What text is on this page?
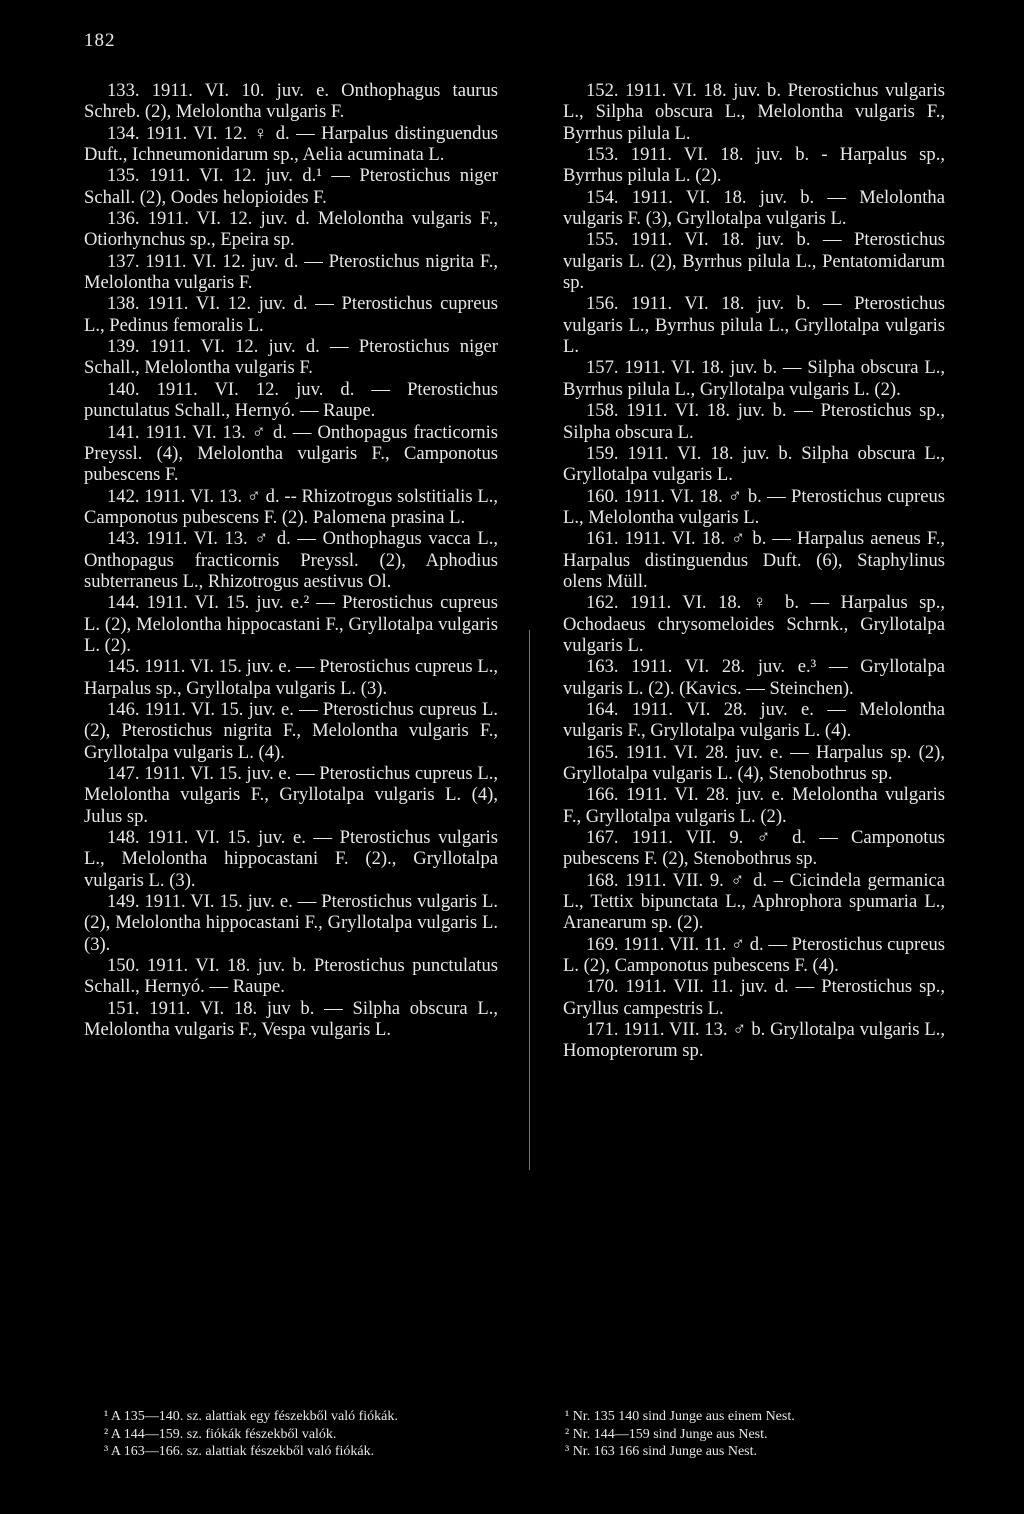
182

133. 1911. VI. 10. juv. e. Onthophagus taurus Schreb. (2), Melolontha vulgaris F.

134. 1911. VI. 12. ♀ d. — Harpalus distinguendus Duft., Ichneumonidarum sp., Aelia acuminata L.

135. 1911. VI. 12. juv. d.¹ — Pterostichus niger Schall. (2), Oodes helopioides F.

136. 1911. VI. 12. juv. d. Melolontha vulgaris F., Otiorhynchus sp., Epeira sp.

137. 1911. VI. 12. juv. d. — Pterostichus nigrita F., Melolontha vulgaris F.

138. 1911. VI. 12. juv. d. — Pterostichus cupreus L., Pedinus femoralis L.

139. 1911. VI. 12. juv. d. — Pterostichus niger Schall., Melolontha vulgaris F.

140. 1911. VI. 12. juv. d. — Pterostichus punctulatus Schall., Hernyó. — Raupe.

141. 1911. VI. 13. ♂ d. — Onthopagus fracticornis Preyssl. (4), Melolontha vulgaris F., Camponotus pubescens F.

142. 1911. VI. 13. ♂ d. -- Rhizotrogus solstitialis L., Camponotus pubescens F. (2). Palomena prasina L.

143. 1911. VI. 13. ♂ d. — Onthophagus vacca L., Onthopagus fracticornis Preyssl. (2), Aphodius subterraneus L., Rhizotrogus aestivus Ol.

144. 1911. VI. 15. juv. e.² — Pterostichus cupreus L. (2), Melolontha hippocastani F., Gryllotalpa vulgaris L. (2).

145. 1911. VI. 15. juv. e. — Pterostichus cupreus L., Harpalus sp., Gryllotalpa vulgaris L. (3).

146. 1911. VI. 15. juv. e. — Pterostichus cupreus L. (2), Pterostichus nigrita F., Melolontha vulgaris F., Gryllotalpa vulgaris L. (4).

147. 1911. VI. 15. juv. e. — Pterostichus cupreus L., Melolontha vulgaris F., Gryllotalpa vulgaris L. (4), Julus sp.

148. 1911. VI. 15. juv. e. — Pterostichus vulgaris L., Melolontha hippocastani F. (2)., Gryllotalpa vulgaris L. (3).

149. 1911. VI. 15. juv. e. — Pterostichus vulgaris L. (2), Melolontha hippocastani F., Gryllotalpa vulgaris L. (3).

150. 1911. VI. 18. juv. b. Pterostichus punctulatus Schall., Hernyó. — Raupe.

151. 1911. VI. 18. juv b. — Silpha obscura L., Melolontha vulgaris F., Vespa vulgaris L.

152. 1911. VI. 18. juv. b. Pterostichus vulgaris L., Silpha obscura L., Melolontha vulgaris F., Byrrhus pilula L.

153. 1911. VI. 18. juv. b. - Harpalus sp., Byrrhus pilula L. (2).

154. 1911. VI. 18. juv. b. — Melolontha vulgaris F. (3), Gryllotalpa vulgaris L.

155. 1911. VI. 18. juv. b. — Pterostichus vulgaris L. (2), Byrrhus pilula L., Pentatomidarum sp.

156. 1911. VI. 18. juv. b. — Pterostichus vulgaris L., Byrrhus pilula L., Gryllotalpa vulgaris L.

157. 1911. VI. 18. juv. b. — Silpha obscura L., Byrrhus pilula L., Gryllotalpa vulgaris L. (2).

158. 1911. VI. 18. juv. b. — Pterostichus sp., Silpha obscura L.

159. 1911. VI. 18. juv. b. Silpha obscura L., Gryllotalpa vulgaris L.

160. 1911. VI. 18. ♂ b. — Pterostichus cupreus L., Melolontha vulgaris L.

161. 1911. VI. 18. ♂ b. — Harpalus aeneus F., Harpalus distinguendus Duft. (6), Staphylinus olens Müll.

162. 1911. VI. 18. ♀ b. — Harpalus sp., Ochodaeus chrysomeloides Schrnk., Gryllotalpa vulgaris L.

163. 1911. VI. 28. juv. e.³ — Gryllotalpa vulgaris L. (2). (Kavics. — Steinchen).

164. 1911. VI. 28. juv. e. — Melolontha vulgaris F., Gryllotalpa vulgaris L. (4).

165. 1911. VI. 28. juv. e. — Harpalus sp. (2), Gryllotalpa vulgaris L. (4), Stenobothrus sp.

166. 1911. VI. 28. juv. e. Melolontha vulgaris F., Gryllotalpa vulgaris L. (2).

167. 1911. VII. 9. ♂ d. — Camponotus pubescens F. (2), Stenobothrus sp.

168. 1911. VII. 9. ♂ d. – Cicindela germanica L., Tettix bipunctata L., Aphrophora spumaria L., Aranearum sp. (2).

169. 1911. VII. 11. ♂ d. — Pterostichus cupreus L. (2), Camponotus pubescens F. (4).

170. 1911. VII. 11. juv. d. — Pterostichus sp., Gryllus campestris L.

171. 1911. VII. 13. ♂ b. Gryllotalpa vulgaris L., Homopterorum sp.

¹ A 135—140. sz. alattiak egy fészekből való fiókák.

² A 144—159. sz. fiókák fészekből valók.

³ A 163—166. sz. alattiak fészekből való fiókák.

¹ Nr. 135 140 sind Junge aus einem Nest.

² Nr. 144—159 sind Junge aus Nest.

³ Nr. 163 166 sind Junge aus Nest.
